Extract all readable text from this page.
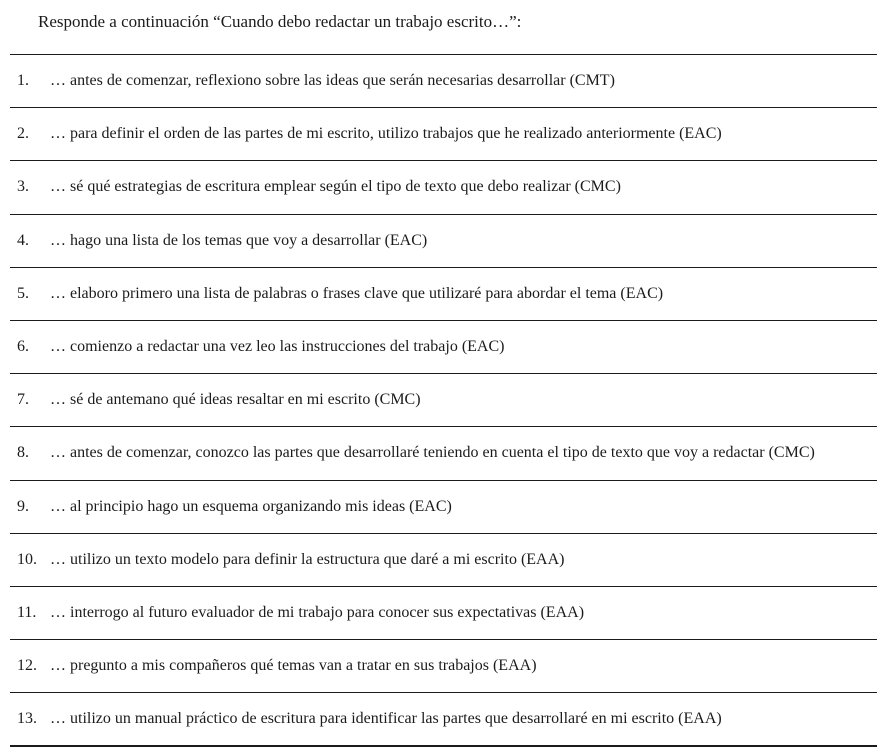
Responde a continuación “Cuando debo redactar un trabajo escrito…”:
1.	… antes de comenzar, reflexiono sobre las ideas que serán necesarias desarrollar (CMT)
2.	… para definir el orden de las partes de mi escrito, utilizo trabajos que he realizado anteriormente (EAC)
3.	… sé qué estrategias de escritura emplear según el tipo de texto que debo realizar (CMC)
4.	… hago una lista de los temas que voy a desarrollar (EAC)
5.	… elaboro primero una lista de palabras o frases clave que utilizaré para abordar el tema (EAC)
6.	… comienzo a redactar una vez leo las instrucciones del trabajo (EAC)
7.	… sé de antemano qué ideas resaltar en mi escrito (CMC)
8.	… antes de comenzar, conozco las partes que desarrollaré teniendo en cuenta el tipo de texto que voy a redactar (CMC)
9.	… al principio hago un esquema organizando mis ideas (EAC)
10. … utilizo un texto modelo para definir la estructura que daré a mi escrito (EAA)
11. … interrogo al futuro evaluador de mi trabajo para conocer sus expectativas (EAA)
12. … pregunto a mis compañeros qué temas van a tratar en sus trabajos (EAA)
13. … utilizo un manual práctico de escritura para identificar las partes que desarrollaré en mi escrito (EAA)
